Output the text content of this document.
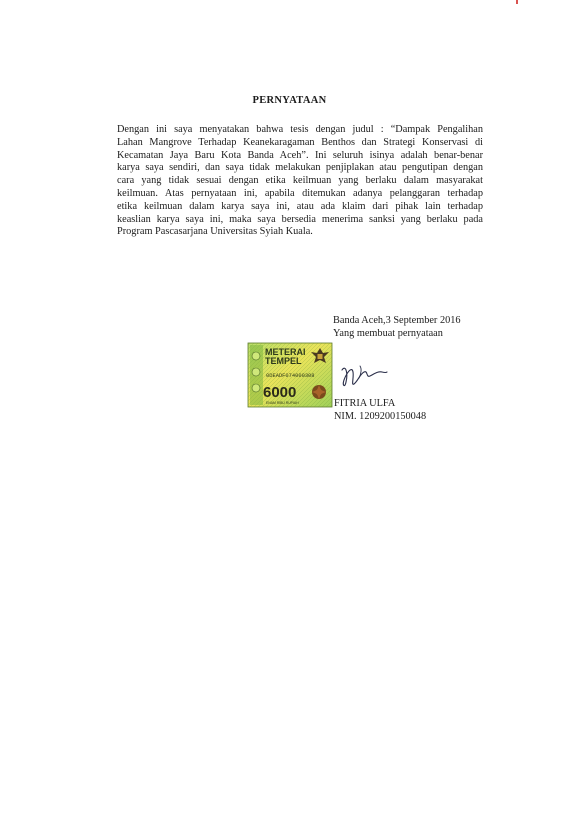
PERNYATAAN
Dengan ini saya menyatakan bahwa tesis dengan judul : “Dampak Pengalihan
Lahan Mangrove Terhadap Keanekaragaman Benthos dan Strategi Konservasi di
Kecamatan Jaya Baru Kota Banda Aceh”. Ini seluruh isinya adalah benar-benar
karya saya sendiri, dan saya tidak melakukan penjiplakan atau pengutipan dengan
cara yang tidak sesuai dengan etika keilmuan yang berlaku dalam masyarakat
keilmuan. Atas pernyataan ini, apabila ditemukan adanya pelanggaran terhadap
etika keilmuan dalam karya saya ini, atau ada klaim dari pihak lain terhadap
keaslian karya saya ini, maka saya bersedia menerima sanksi yang berlaku pada
Program Pascasarjana Universitas Syiah Kuala.
Banda Aceh,3 September 2016
Yang membuat pernyataan
METERAI
TEMPEL
0DEADF074000308
6000
ENAM RIBU RUPIAH	FITRIA ULFA
NIM. 1209200150048
